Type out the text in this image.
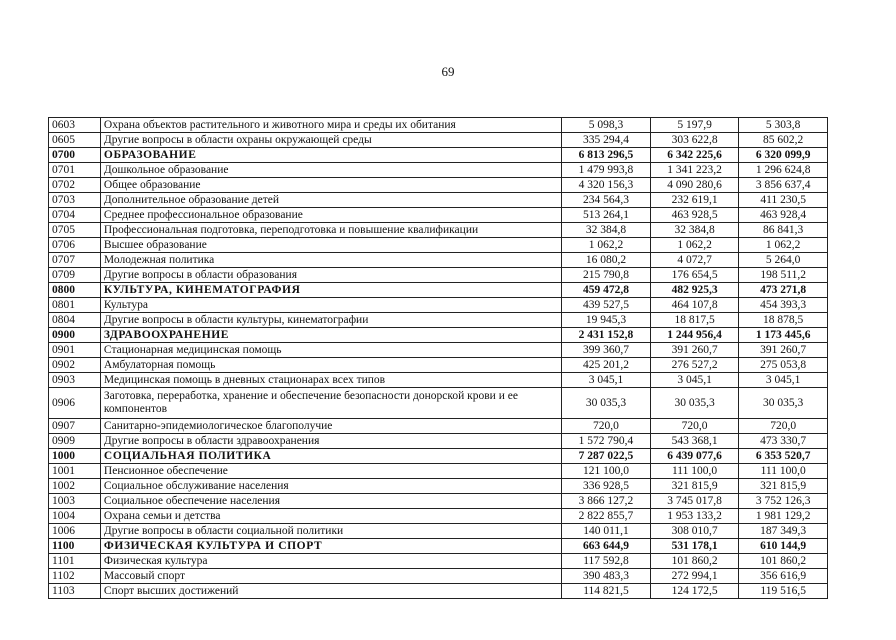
69
0603	Охрана объектов растительного и животного мира и среды их обитания	5 098,3	5 197,9	5 303,8
0605	Другие вопросы в области охраны окружающей среды	335 294,4	303 622,8	85 602,2
0700	ОБРАЗОВАНИЕ	6 813 296,5	6 342 225,6	6 320 099,9
0701	Дошкольное образование	1 479 993,8	1 341 223,2	1 296 624,8
0702	Общее образование	4 320 156,3	4 090 280,6	3 856 637,4
0703	Дополнительное образование детей	234 564,3	232 619,1	411 230,5
0704	Среднее профессиональное образование	513 264,1	463 928,5	463 928,4
0705	Профессиональная подготовка, переподготовка и повышение квалификации	32 384,8	32 384,8	86 841,3
0706	Высшее образование	1 062,2	1 062,2	1 062,2
0707	Молодежная политика	16 080,2	4 072,7	5 264,0
0709	Другие вопросы в области образования	215 790,8	176 654,5	198 511,2
0800	КУЛЬТУРА, КИНЕМАТОГРАФИЯ	459 472,8	482 925,3	473 271,8
0801	Культура	439 527,5	464 107,8	454 393,3
0804	Другие вопросы в области культуры, кинематографии	19 945,3	18 817,5	18 878,5
0900	ЗДРАВООХРАНЕНИЕ	2 431 152,8	1 244 956,4	1 173 445,6
0901	Стационарная медицинская помощь	399 360,7	391 260,7	391 260,7
0902	Амбулаторная помощь	425 201,2	276 527,2	275 053,8
0903	Медицинская помощь в дневных стационарах всех типов	3 045,1	3 045,1	3 045,1
0906	Заготовка, переработка, хранение и обеспечение безопасности донорской крови и ее компонентов	30 035,3	30 035,3	30 035,3
0907	Санитарно-эпидемиологическое благополучие	720,0	720,0	720,0
0909	Другие вопросы в области здравоохранения	1 572 790,4	543 368,1	473 330,7
1000	СОЦИАЛЬНАЯ ПОЛИТИКА	7 287 022,5	6 439 077,6	6 353 520,7
1001	Пенсионное обеспечение	121 100,0	111 100,0	111 100,0
1002	Социальное обслуживание населения	336 928,5	321 815,9	321 815,9
1003	Социальное обеспечение населения	3 866 127,2	3 745 017,8	3 752 126,3
1004	Охрана семьи и детства	2 822 855,7	1 953 133,2	1 981 129,2
1006	Другие вопросы в области социальной политики	140 011,1	308 010,7	187 349,3
1100	ФИЗИЧЕСКАЯ КУЛЬТУРА И СПОРТ	663 644,9	531 178,1	610 144,9
1101	Физическая культура	117 592,8	101 860,2	101 860,2
1102	Массовый спорт	390 483,3	272 994,1	356 616,9
1103	Спорт высших достижений	114 821,5	124 172,5	119 516,5
